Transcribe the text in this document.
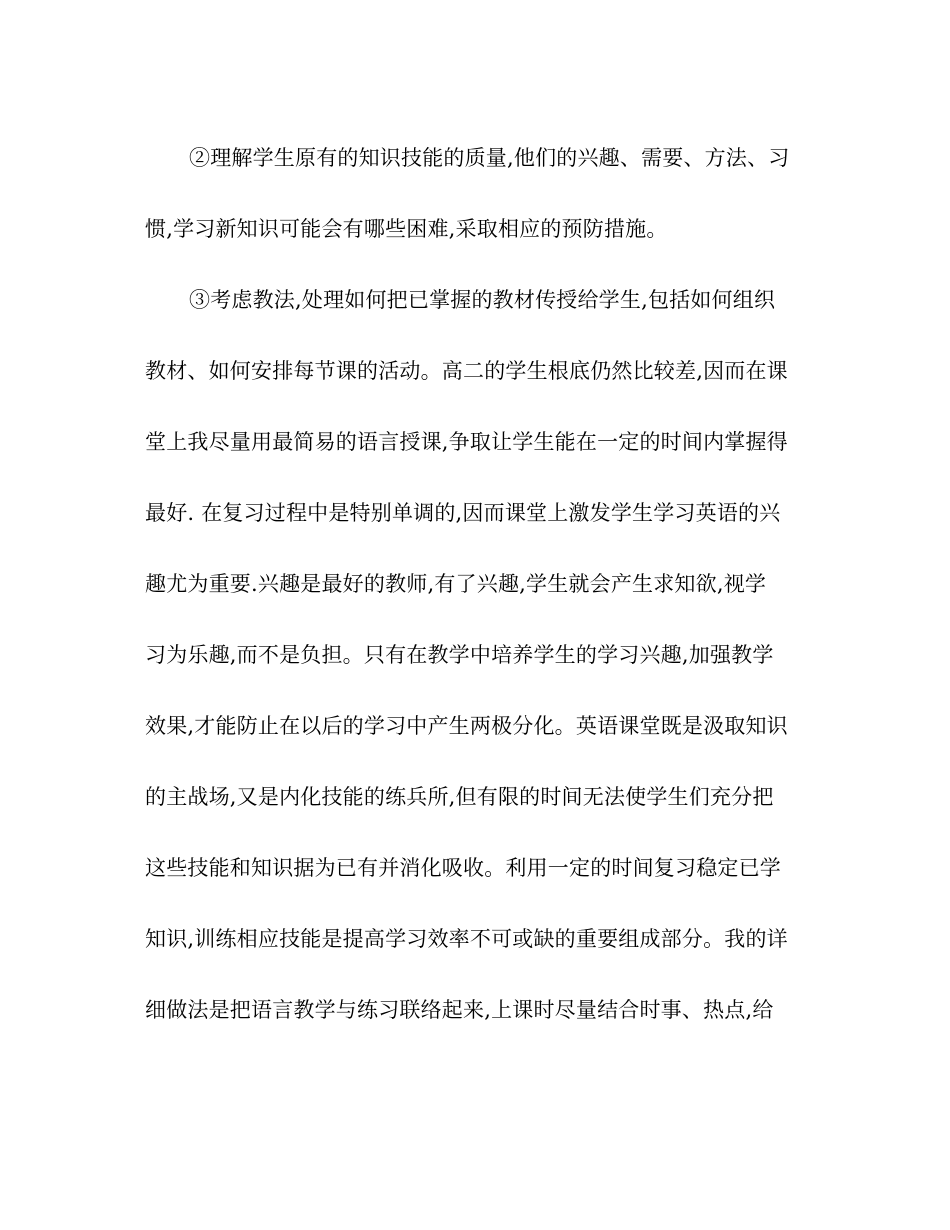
②理解学生原有的知识技能的质量,他们的兴趣、需要、方法、习
惯,学习新知识可能会有哪些困难,采取相应的预防措施。
③考虑教法,处理如何把已掌握的教材传授给学生,包括如何组织
教材、如何安排每节课的活动。高二的学生根底仍然比较差,因而在课
堂上我尽量用最简易的语言授课,争取让学生能在一定的时间内掌握得
最好. 在复习过程中是特别单调的,因而课堂上激发学生学习英语的兴
趣尤为重要.兴趣是最好的教师,有了兴趣,学生就会产生求知欲,视学
习为乐趣,而不是负担。只有在教学中培养学生的学习兴趣,加强教学
效果,才能防止在以后的学习中产生两极分化。英语课堂既是汲取知识
的主战场,又是内化技能的练兵所,但有限的时间无法使学生们充分把
这些技能和知识据为已有并消化吸收。利用一定的时间复习稳定已学
知识,训练相应技能是提高学习效率不可或缺的重要组成部分。我的详
细做法是把语言教学与练习联络起来,上课时尽量结合时事、热点,给
